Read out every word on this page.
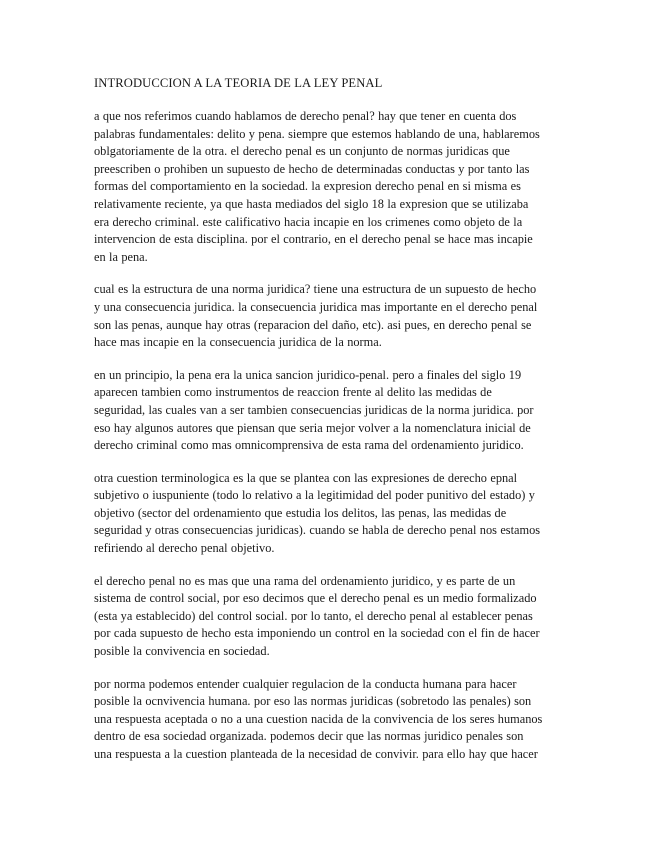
INTRODUCCION A LA TEORIA DE LA LEY PENAL
a que nos referimos cuando hablamos de derecho penal? hay que tener en cuenta dos
palabras fundamentales: delito y pena. siempre que estemos hablando de una, hablaremos
oblgatoriamente de la otra. el derecho penal es un conjunto de normas juridicas que
preescriben o prohiben un supuesto de hecho de determinadas conductas y por tanto las
formas del comportamiento en la sociedad. la expresion derecho penal en si misma es
relativamente reciente, ya que hasta mediados del siglo 18 la expresion que se utilizaba
era derecho criminal. este calificativo hacia incapie en los crimenes como objeto de la
intervencion de esta disciplina. por el contrario, en el derecho penal se hace mas incapie
en la pena.
cual es la estructura de una norma juridica? tiene una estructura de un supuesto de hecho
y una consecuencia juridica. la consecuencia juridica mas importante en el derecho penal
son las penas, aunque hay otras (reparacion del daño, etc). asi pues, en derecho penal se
hace mas incapie en la consecuencia juridica de la norma.
en un principio, la pena era la unica sancion juridico-penal. pero a finales del siglo 19
aparecen tambien como instrumentos de reaccion frente al delito las medidas de
seguridad, las cuales van a ser tambien consecuencias juridicas de la norma juridica. por
eso hay algunos autores que piensan que seria mejor volver a la nomenclatura inicial de
derecho criminal como mas omnicomprensiva de esta rama del ordenamiento juridico.
otra cuestion terminologica es la que se plantea con las expresiones de derecho epnal
subjetivo o iuspuniente (todo lo relativo a la legitimidad del poder punitivo del estado) y
objetivo (sector del ordenamiento que estudia los delitos, las penas, las medidas de
seguridad y otras consecuencias juridicas). cuando se habla de derecho penal nos estamos
refiriendo al derecho penal objetivo.
el derecho penal no es mas que una rama del ordenamiento juridico, y es parte de un
sistema de control social, por eso decimos que el derecho penal es un medio formalizado
(esta ya establecido) del control social. por lo tanto, el derecho penal al establecer penas
por cada supuesto de hecho esta imponiendo un control en la sociedad con el fin de hacer
posible la convivencia en sociedad.
por norma podemos entender cualquier regulacion de la conducta humana para hacer
posible la ocnvivencia humana. por eso las normas juridicas (sobretodo las penales) son
una respuesta aceptada o no a una cuestion nacida de la convivencia de los seres humanos
dentro de esa sociedad organizada. podemos decir que las normas juridico penales son
una respuesta a la cuestion planteada de la necesidad de convivir. para ello hay que hacer
